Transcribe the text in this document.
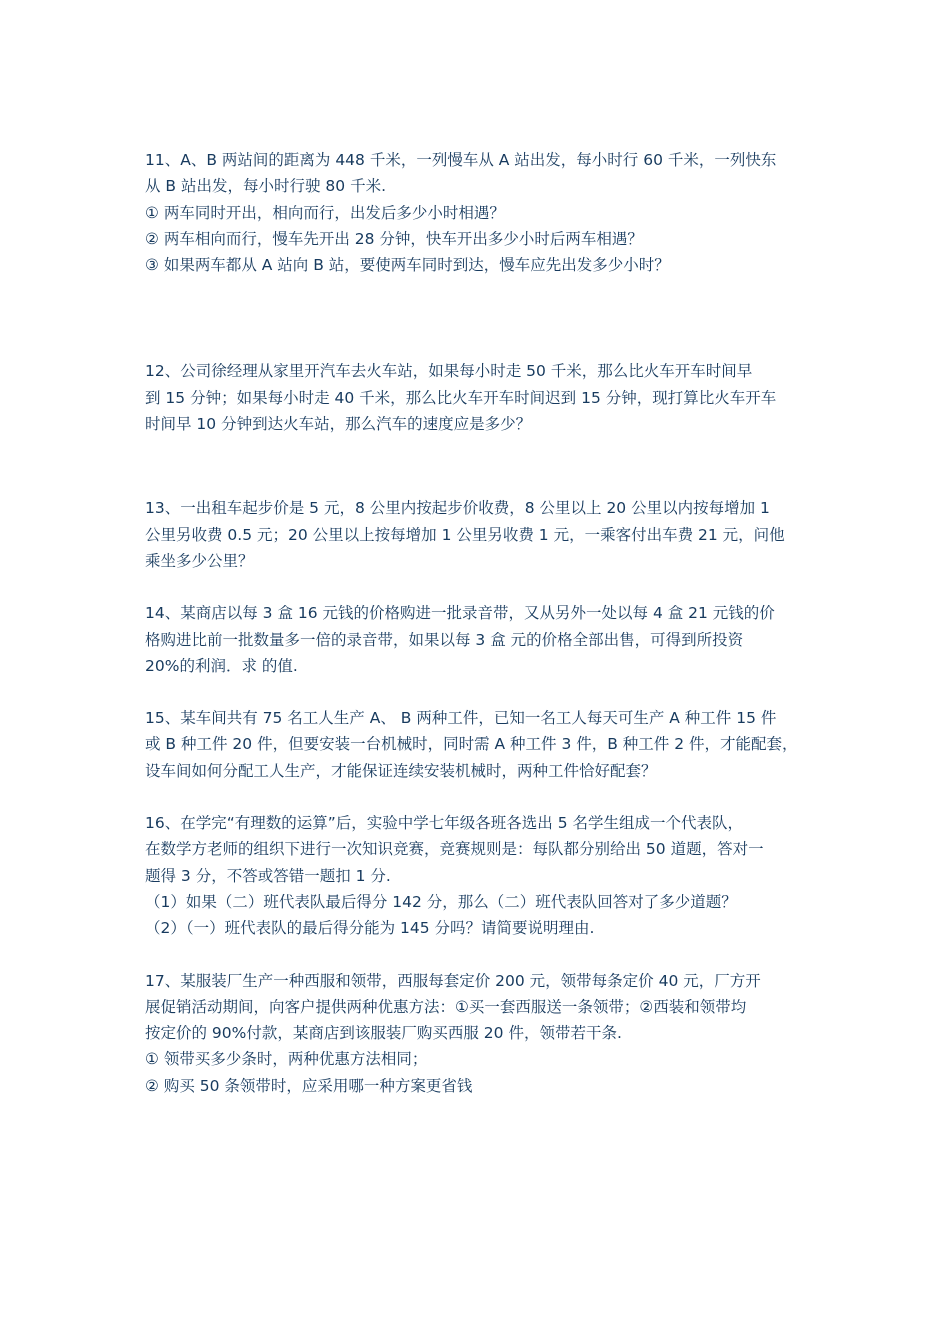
11、A、B 两站间的距离为 448 千米，一列慢车从 A 站出发，每小时行 60 千米，一列快东

从 B 站出发，每小时行驶 80 千米.

① 两车同时开出，相向而行，出发后多少小时相遇？

② 两车相向而行，慢车先开出 28 分钟，快车开出多少小时后两车相遇？

③ 如果两车都从 A 站向 B 站，要使两车同时到达，慢车应先出发多少小时？

12、公司徐经理从家里开汽车去火车站，如果每小时走 50 千米，那么比火车开车时间早

到 15 分钟；如果每小时走 40 千米，那么比火车开车时间迟到 15 分钟，现打算比火车开车

时间早 10 分钟到达火车站，那么汽车的速度应是多少？

13、一出租车起步价是 5 元，8 公里内按起步价收费，8 公里以上 20 公里以内按每增加 1

公里另收费 0.5 元；20 公里以上按每增加 1 公里另收费 1 元，一乘客付出车费 21 元，问他

乘坐多少公里？

14、某商店以每 3 盒 16 元钱的价格购进一批录音带，又从另外一处以每 4 盒 21 元钱的价

格购进比前一批数量多一倍的录音带，如果以每 3 盒 元的价格全部出售，可得到所投资

20%的利润．求 的值.

15、某车间共有 75 名工人生产 A、 B 两种工件，已知一名工人每天可生产 A 种工件 15 件

或 B 种工件 20 件，但要安装一台机械时，同时需 A 种工件 3 件，B 种工件 2 件，才能配套，

设车间如何分配工人生产，才能保证连续安装机械时，两种工件恰好配套？

16、在学完“有理数的运算”后，实验中学七年级各班各选出 5 名学生组成一个代表队，

在数学方老师的组织下进行一次知识竞赛，竞赛规则是：每队都分别给出 50 道题，答对一

题得 3 分，不答或答错一题扣 1 分.

（1）如果（二）班代表队最后得分 142 分，那么（二）班代表队回答对了多少道题？

（2）（一）班代表队的最后得分能为 145 分吗？请简要说明理由.

17、某服装厂生产一种西服和领带，西服每套定价 200 元，领带每条定价 40 元，厂方开

展促销活动期间，向客户提供两种优惠方法：①买一套西服送一条领带；②西装和领带均

按定价的 90%付款，某商店到该服装厂购买西服 20 件，领带若干条.

① 领带买多少条时，两种优惠方法相同；

② 购买 50 条领带时，应采用哪一种方案更省钱
